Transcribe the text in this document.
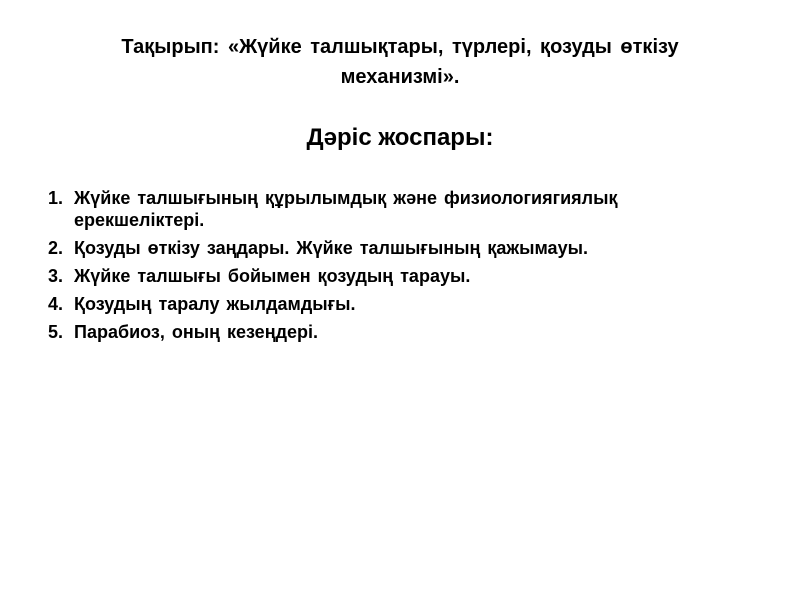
Тақырып: «Жүйке талшықтары, түрлері, қозуды өткізу механизмі».
Дәріс жоспары:
1. Жүйке талшығының құрылымдық және физиологиягиялық ерекшеліктері.
2. Қозуды өткізу заңдары. Жүйке талшығының қажымауы.
3. Жүйке талшығы бойымен қозудың тарауы.
4. Қозудың таралу жылдамдығы.
5. Парабиоз, оның кезеңдері.
